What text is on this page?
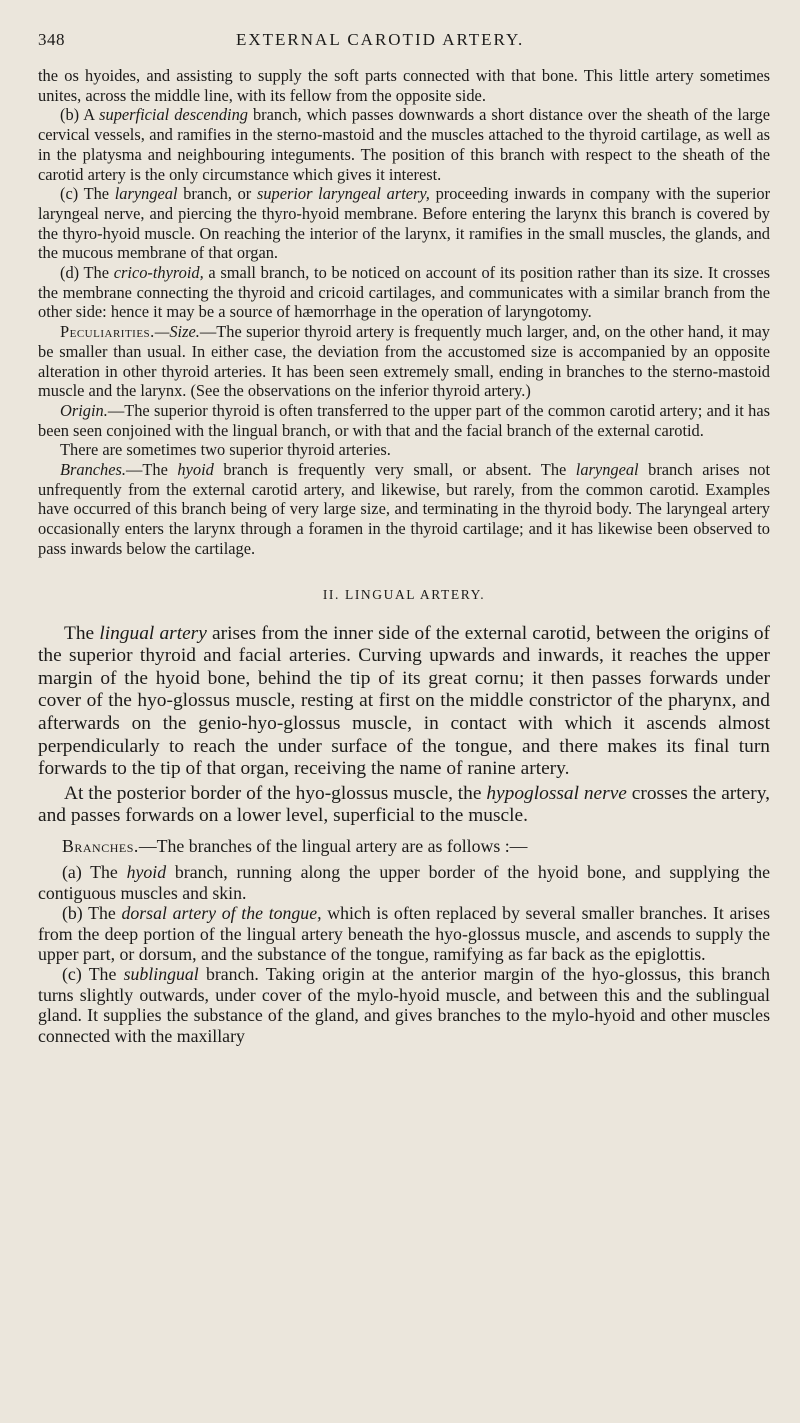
348	EXTERNAL CAROTID ARTERY.

the os hyoides, and assisting to supply the soft parts connected with that bone. This little artery sometimes unites, across the middle line, with its fellow from the opposite side.

(b) A superficial descending branch, which passes downwards a short distance over the sheath of the large cervical vessels, and ramifies in the sterno-mastoid and the muscles attached to the thyroid cartilage, as well as in the platysma and neighbouring integuments. The position of this branch with respect to the sheath of the carotid artery is the only circumstance which gives it interest.

(c) The laryngeal branch, or superior laryngeal artery, proceeding inwards in company with the superior laryngeal nerve, and piercing the thyro-hyoid membrane. Before entering the larynx this branch is covered by the thyro-hyoid muscle. On reaching the interior of the larynx, it ramifies in the small muscles, the glands, and the mucous membrane of that organ.

(d) The crico-thyroid, a small branch, to be noticed on account of its position rather than its size. It crosses the membrane connecting the thyroid and cricoid cartilages, and communicates with a similar branch from the other side: hence it may be a source of hæmorrhage in the operation of laryngotomy.

Peculiarities.—Size.—The superior thyroid artery is frequently much larger, and, on the other hand, it may be smaller than usual. In either case, the deviation from the accustomed size is accompanied by an opposite alteration in other thyroid arteries. It has been seen extremely small, ending in branches to the sterno-mastoid muscle and the larynx. (See the observations on the inferior thyroid artery.)

Origin.—The superior thyroid is often transferred to the upper part of the common carotid artery; and it has been seen conjoined with the lingual branch, or with that and the facial branch of the external carotid.

There are sometimes two superior thyroid arteries.

Branches.—The hyoid branch is frequently very small, or absent. The laryngeal branch arises not unfrequently from the external carotid artery, and likewise, but rarely, from the common carotid. Examples have occurred of this branch being of very large size, and terminating in the thyroid body. The laryngeal artery occasionally enters the larynx through a foramen in the thyroid cartilage; and it has likewise been observed to pass inwards below the cartilage.

II. LINGUAL ARTERY.

The lingual artery arises from the inner side of the external carotid, between the origins of the superior thyroid and facial arteries. Curving upwards and inwards, it reaches the upper margin of the hyoid bone, behind the tip of its great cornu; it then passes forwards under cover of the hyo-glossus muscle, resting at first on the middle constrictor of the pharynx, and afterwards on the genio-hyo-glossus muscle, in contact with which it ascends almost perpendicularly to reach the under surface of the tongue, and there makes its final turn forwards to the tip of that organ, receiving the name of ranine artery.

At the posterior border of the hyo-glossus muscle, the hypoglossal nerve crosses the artery, and passes forwards on a lower level, superficial to the muscle.

Branches.—The branches of the lingual artery are as follows :—

(a) The hyoid branch, running along the upper border of the hyoid bone, and supplying the contiguous muscles and skin.

(b) The dorsal artery of the tongue, which is often replaced by several smaller branches. It arises from the deep portion of the lingual artery beneath the hyo-glossus muscle, and ascends to supply the upper part, or dorsum, and the substance of the tongue, ramifying as far back as the epiglottis.

(c) The sublingual branch. Taking origin at the anterior margin of the hyo-glossus, this branch turns slightly outwards, under cover of the mylo-hyoid muscle, and between this and the sublingual gland. It supplies the substance of the gland, and gives branches to the mylo-hyoid and other muscles connected with the maxillary
